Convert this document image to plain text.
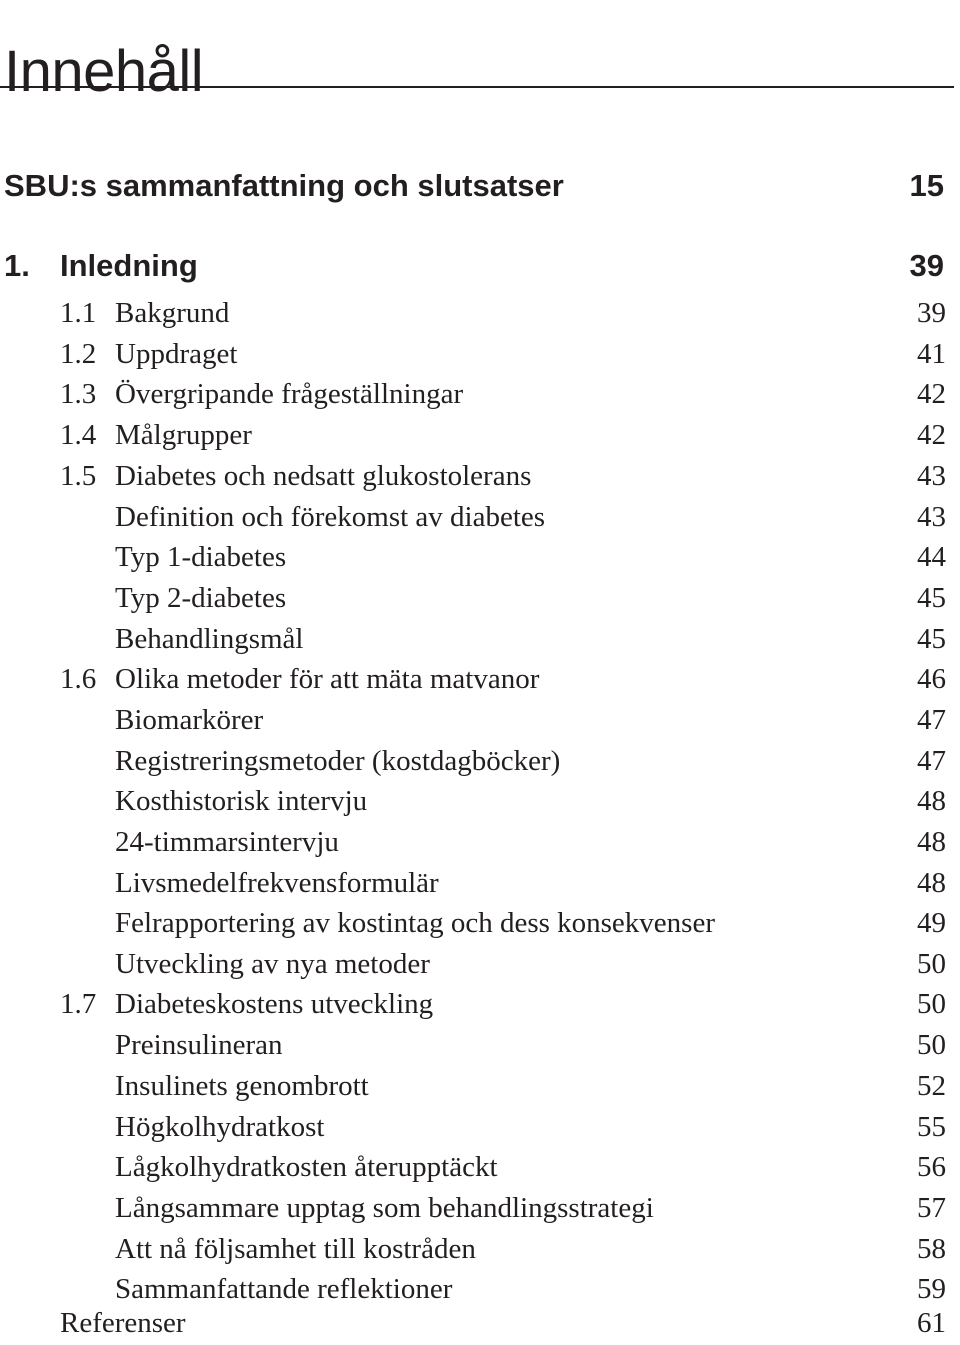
Innehåll
SBU:s sammanfattning och slutsatser	15
1. Inledning	39
1.1 Bakgrund	39
1.2 Uppdraget	41
1.3 Övergripande frågeställningar	42
1.4 Målgrupper	42
1.5 Diabetes och nedsatt glukostolerans	43
Definition och förekomst av diabetes	43
Typ 1-diabetes	44
Typ 2-diabetes	45
Behandlingsmål	45
1.6 Olika metoder för att mäta matvanor	46
Biomarkörer	47
Registreringsmetoder (kostdagböcker)	47
Kosthistorisk intervju	48
24-timmarsintervju	48
Livsmedelfrekvensformulär	48
Felrapportering av kostintag och dess konsekvenser	49
Utveckling av nya metoder	50
1.7 Diabeteskostens utveckling	50
Preinsulineran	50
Insulinets genombrott	52
Högkolhydratkost	55
Lågkolhydratkosten återupptäckt	56
Långsammare upptag som behandlingsstrategi	57
Att nå följsamhet till kostråden	58
Sammanfattande reflektioner	59
Referenser	61
